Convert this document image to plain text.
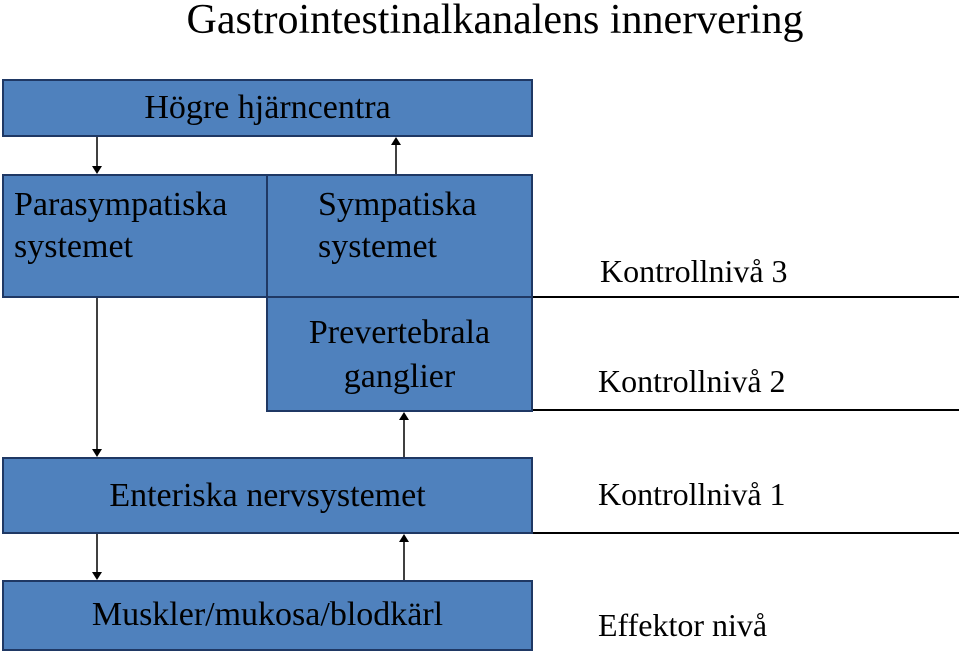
Gastrointestinalkanalens innervering
Högre hjärncentra
Parasympatiska
systemet
Sympatiska
systemet
Prevertebrala
ganglier
Enteriska nervsystemet
Muskler/mukosa/blodkärl
Kontrollnivå 3
Kontrollnivå 2
Kontrollnivå 1
Effektor nivå
